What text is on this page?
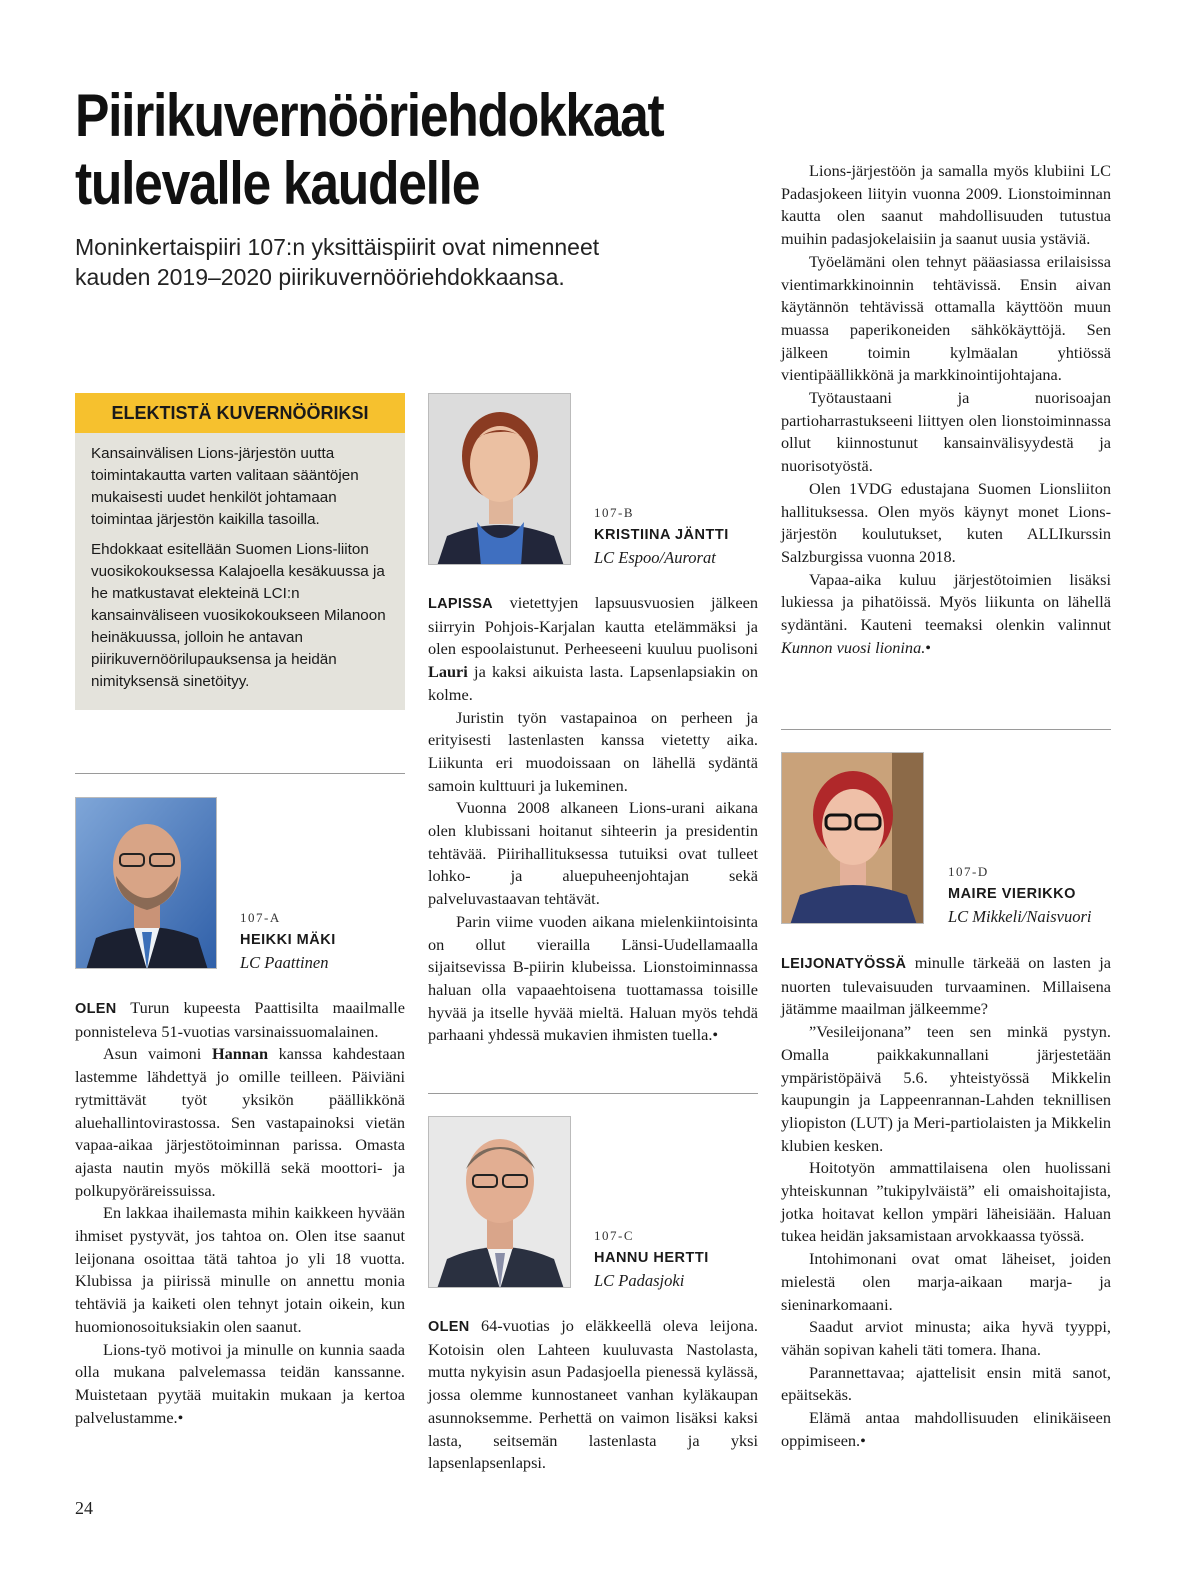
Piirikuvernööriehdokkaat
tulevalle kaudelle

Moninkertaispiiri 107:n yksittäispiirit ovat nimenneet
kauden 2019–2020 piirikuvernööriehdokkaansa.

ELEKTISTÄ KUVERNÖÖRIKSI

Kansainvälisen Lions-järjestön uutta toimintakautta varten valitaan sääntöjen mukaisesti uudet henkilöt johtamaan toimintaa järjestön kaikilla tasoilla.

Ehdokkaat esitellään Suomen Lions-liiton vuosikokouksessa Kalajoella kesäkuussa ja he matkustavat elekteinä LCI:n kansainväliseen vuosikokoukseen Milanoon heinäkuussa, jolloin he antavan piirikuvernöörilupauksensa ja heidän nimityksensä sinetöityy.

107-A
HEIKKI MÄKI
LC Paattinen

OLEN Turun kupeesta Paattisilta maailmalle ponnisteleva 51-vuotias varsinaissuomalainen.

Asun vaimoni Hannan kanssa kahdestaan lastemme lähdettyä jo omille teilleen. Päiviäni rytmittävät työt yksikön päällikkönä aluehallintovirastossa. Sen vastapainoksi vietän vapaa-aikaa järjestötoiminnan parissa. Omasta ajasta nautin myös mökillä sekä moottori- ja polkupyöräreissuissa.

En lakkaa ihailemasta mihin kaikkeen hyvään ihmiset pystyvät, jos tahtoa on. Olen itse saanut leijonana osoittaa tätä tahtoa jo yli 18 vuotta. Klubissa ja piirissä minulle on annettu monia tehtäviä ja kaiketi olen tehnyt jotain oikein, kun huomionosoituksiakin olen saanut.

Lions-työ motivoi ja minulle on kunnia saada olla mukana palvelemassa teidän kanssanne. Muistetaan pyytää muitakin mukaan ja kertoa palvelustamme.•

107-B
KRISTIINA JÄNTTI
LC Espoo/Aurorat

LAPISSA vietettyjen lapsuusvuosien jälkeen siirryin Pohjois-Karjalan kautta etelämmäksi ja olen espoolaistunut. Perheeseeni kuuluu puolisoni Lauri ja kaksi aikuista lasta. Lapsenlapsiakin on kolme.

Juristin työn vastapainoa on perheen ja erityisesti lastenlasten kanssa vietetty aika. Liikunta eri muodoissaan on lähellä sydäntä samoin kulttuuri ja lukeminen.

Vuonna 2008 alkaneen Lions-urani aikana olen klubissani hoitanut sihteerin ja presidentin tehtävää. Piirihallituksessa tutuiksi ovat tulleet lohko- ja aluepuheenjohtajan sekä palveluvastaavan tehtävät.

Parin viime vuoden aikana mielenkiintoisinta on ollut vierailla Länsi-Uudellamaalla sijaitsevissa B-piirin klubeissa. Lionstoiminnassa haluan olla vapaaehtoisena tuottamassa toisille hyvää ja itselle hyvää mieltä. Haluan myös tehdä parhaani yhdessä mukavien ihmisten tuella.•

107-C
HANNU HERTTI
LC Padasjoki

OLEN 64-vuotias jo eläkkeellä oleva leijona. Kotoisin olen Lahteen kuuluvasta Nastolasta, mutta nykyisin asun Padasjoella pienessä kylässä, jossa olemme kunnostaneet vanhan kyläkaupan asunnoksemme. Perhettä on vaimon lisäksi kaksi lasta, seitsemän lastenlasta ja yksi lapsenlapsenlapsi.

Lions-järjestöön ja samalla myös klubiini LC Padasjokeen liityin vuonna 2009. Lionstoiminnan kautta olen saanut mahdollisuuden tutustua muihin padasjokelaisiin ja saanut uusia ystäviä.

Työelämäni olen tehnyt pääasiassa erilaisissa vientimarkkinoinnin tehtävissä. Ensin aivan käytännön tehtävissä ottamalla käyttöön muun muassa paperikoneiden sähkökäyttöjä. Sen jälkeen toimin kylmäalan yhtiössä vientipäällikkönä ja markkinointijohtajana.

Työtaustaani ja nuorisoajan partioharrastukseeni liittyen olen lionstoiminnassa ollut kiinnostunut kansainvälisyydestä ja nuorisotyöstä.

Olen 1VDG edustajana Suomen Lionsliiton hallituksessa. Olen myös käynyt monet Lions-järjestön koulutukset, kuten ALLIkurssin Salzburgissa vuonna 2018.

Vapaa-aika kuluu järjestötoimien lisäksi lukiessa ja pihatöissä. Myös liikunta on lähellä sydäntäni. Kauteni teemaksi olenkin valinnut Kunnon vuosi lionina.•

107-D
MAIRE VIERIKKO
LC Mikkeli/Naisvuori

LEIJONATYÖSSÄ minulle tärkeää on lasten ja nuorten tulevaisuuden turvaaminen. Millaisena jätämme maailman jälkeemme?

”Vesileijonana” teen sen minkä pystyn. Omalla paikkakunnallani järjestetään ympäristöpäivä 5.6. yhteistyössä Mikkelin kaupungin ja Lappeenrannan-Lahden teknillisen yliopiston (LUT) ja Meri-partiolaisten ja Mikkelin klubien kesken.

Hoitotyön ammattilaisena olen huolissani yhteiskunnan ”tukipylväistä” eli omaishoitajista, jotka hoitavat kellon ympäri läheisiään. Haluan tukea heidän jaksamistaan arvokkaassa työssä.

Intohimonani ovat omat läheiset, joiden mielestä olen marja-aikaan marja- ja sieninarkomaani.

Saadut arviot minusta; aika hyvä tyyppi, vähän sopivan kaheli täti tomera. Ihana.

Parannettavaa; ajattelisit ensin mitä sanot, epäitsekäs.

Elämä antaa mahdollisuuden elinikäiseen oppimiseen.•

24
